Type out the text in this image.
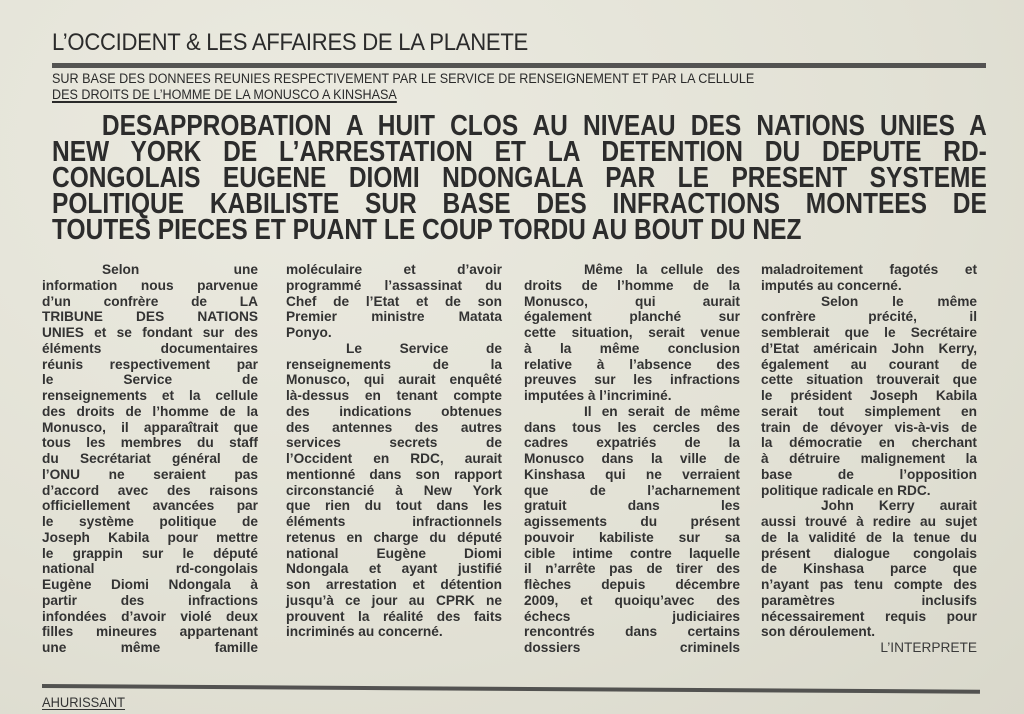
L’OCCIDENT & LES AFFAIRES DE LA PLANETE
SUR BASE DES DONNEES REUNIES RESPECTIVEMENT PAR LE SERVICE DE RENSEIGNEMENT ET PAR LA CELLULE
DES DROITS DE L’HOMME DE LA MONUSCO A KINSHASA
DESAPPROBATION A HUIT CLOS AU NIVEAU DES NATIONS UNIES A
NEW YORK DE L’ARRESTATION ET LA DETENTION DU DEPUTE RD-
CONGOLAIS EUGENE DIOMI NDONGALA PAR LE PRESENT SYSTEME
POLITIQUE KABILISTE SUR BASE DES INFRACTIONS MONTEES DE
TOUTES PIECES ET PUANT LE COUP TORDU AU BOUT DU NEZ
Selon une
information nous parvenue
d’un confrère de LA
TRIBUNE DES NATIONS
UNIES et se fondant sur des
éléments documentaires
réunis respectivement par
le Service de
renseignements et la cellule
des droits de l’homme de la
Monusco, il apparaîtrait que
tous les membres du staff
du Secrétariat général de
l’ONU ne seraient pas
d’accord avec des raisons
officiellement avancées par
le système politique de
Joseph Kabila pour mettre
le grappin sur le député
national rd-congolais
Eugène Diomi Ndongala à
partir des infractions
infondées d’avoir violé deux
filles mineures appartenant
une même famille
moléculaire et d’avoir
programmé l’assassinat du
Chef de l’Etat et de son
Premier ministre Matata
Ponyo.
Le Service de
renseignements de la
Monusco, qui aurait enquêté
là-dessus en tenant compte
des indications obtenues
des antennes des autres
services secrets de
l’Occident en RDC, aurait
mentionné dans son rapport
circonstancié à New York
que rien du tout dans les
éléments infractionnels
retenus en charge du député
national Eugène Diomi
Ndongala et ayant justifié
son arrestation et détention
jusqu’à ce jour au CPRK ne
prouvent la réalité des faits
incriminés au concerné.
Même la cellule des
droits de l’homme de la
Monusco, qui aurait
également planché sur
cette situation, serait venue
à la même conclusion
relative à l’absence des
preuves sur les infractions
imputées à l’incriminé.
Il en serait de même
dans tous les cercles des
cadres expatriés de la
Monusco dans la ville de
Kinshasa qui ne verraient
que de l’acharnement
gratuit dans les
agissements du présent
pouvoir kabiliste sur sa
cible intime contre laquelle
il n’arrête pas de tirer des
flèches depuis décembre
2009, et quoiqu’avec des
échecs judiciaires
rencontrés dans certains
dossiers criminels
maladroitement fagotés et
imputés au concerné.
Selon le même
confrère précité, il
semblerait que le Secrétaire
d’Etat américain John Kerry,
également au courant de
cette situation trouverait que
le président Joseph Kabila
serait tout simplement en
train de dévoyer vis-à-vis de
la démocratie en cherchant
à détruire malignement la
base de l’opposition
politique radicale en RDC.
John Kerry aurait
aussi trouvé à redire au sujet
de la validité de la tenue du
présent dialogue congolais
de Kinshasa parce que
n’ayant pas tenu compte des
paramètres inclusifs
nécessairement requis pour
son déroulement.
L’INTERPRETE
AHURISSANT
